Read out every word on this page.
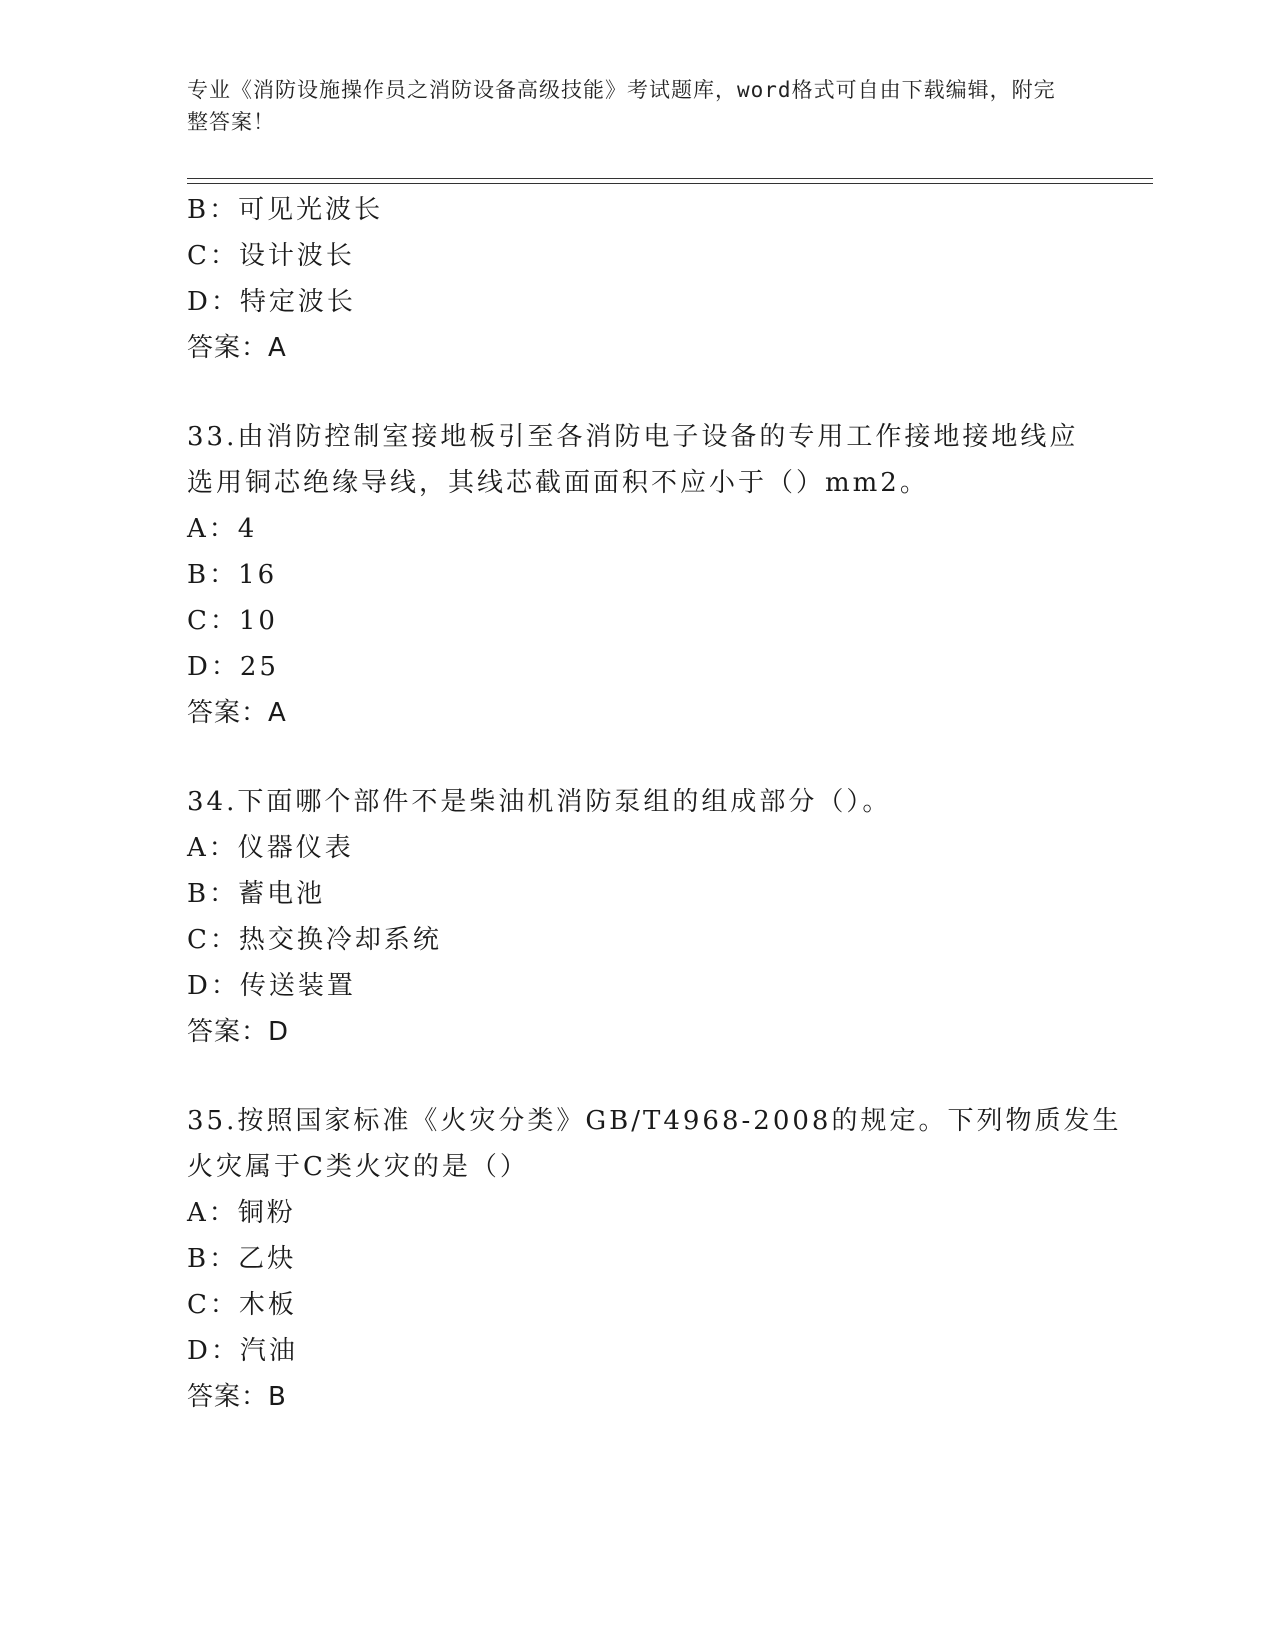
专业《消防设施操作员之消防设备高级技能》考试题库，word格式可自由下载编辑，附完整答案！
B：可见光波长
C：设计波长
D：特定波长
答案：A
33.由消防控制室接地板引至各消防电子设备的专用工作接地接地线应
选用铜芯绝缘导线，其线芯截面面积不应小于（）mm2。
A：4
B：16
C：10
D：25
答案：A
34.下面哪个部件不是柴油机消防泵组的组成部分（）。
A：仪器仪表
B：蓄电池
C：热交换冷却系统
D：传送装置
答案：D
35.按照国家标准《火灾分类》GB/T4968-2008的规定。下列物质发生
火灾属于C类火灾的是（）
A：铜粉
B：乙炔
C：木板
D：汽油
答案：B
